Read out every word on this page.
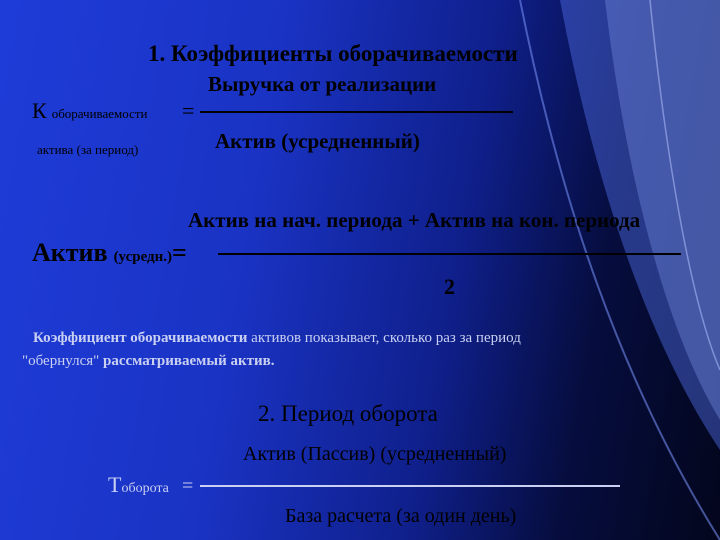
1. Коэффициенты оборачиваемости
Выручка от реализации
Коборачиваемости =
актива (за период)	Актив (усредненный)
Актив на нач. периода + Актив на кон. периода
Актив (усредн.)=
2
Коэффициент оборачиваемости активов показывает, сколько раз за период
"обернулся" рассматриваемый актив.
2. Период оборота
Актив (Пассив) (усредненный)
Тоборота =
База расчета (за один день)
